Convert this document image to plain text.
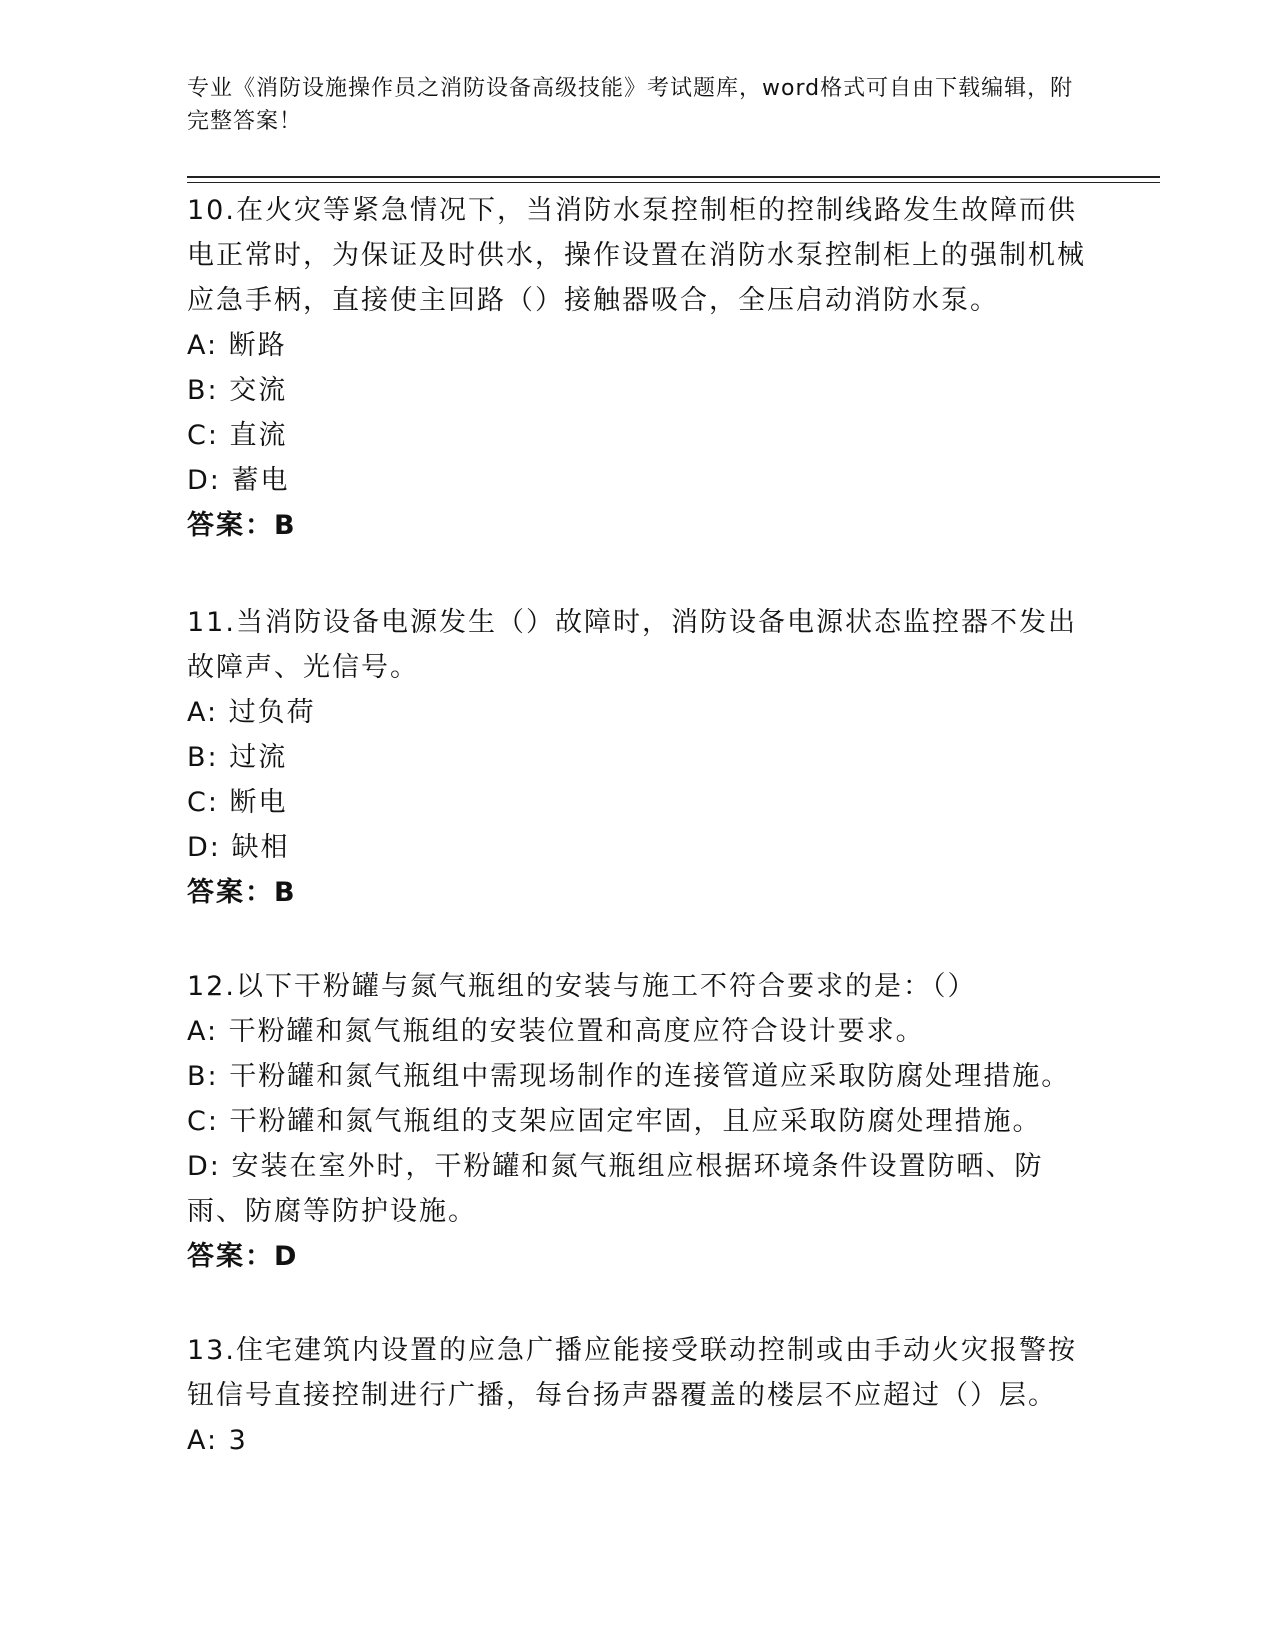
专业《消防设施操作员之消防设备高级技能》考试题库，word格式可自由下载编辑，附完整答案！

10.在火灾等紧急情况下，当消防水泵控制柜的控制线路发生故障而供电正常时，为保证及时供水，操作设置在消防水泵控制柜上的强制机械应急手柄，直接使主回路（）接触器吸合，全压启动消防水泵。

A: 断路

B: 交流

C: 直流

D: 蓄电

答案：B

11.当消防设备电源发生（）故障时，消防设备电源状态监控器不发出故障声、光信号。

A: 过负荷

B: 过流

C: 断电

D: 缺相

答案：B

12.以下干粉罐与氮气瓶组的安装与施工不符合要求的是：（）

A: 干粉罐和氮气瓶组的安装位置和高度应符合设计要求。

B: 干粉罐和氮气瓶组中需现场制作的连接管道应采取防腐处理措施。

C: 干粉罐和氮气瓶组的支架应固定牢固，且应采取防腐处理措施。

D: 安装在室外时，干粉罐和氮气瓶组应根据环境条件设置防晒、防雨、防腐等防护设施。

答案：D

13.住宅建筑内设置的应急广播应能接受联动控制或由手动火灾报警按钮信号直接控制进行广播，每台扬声器覆盖的楼层不应超过（）层。

A: 3
